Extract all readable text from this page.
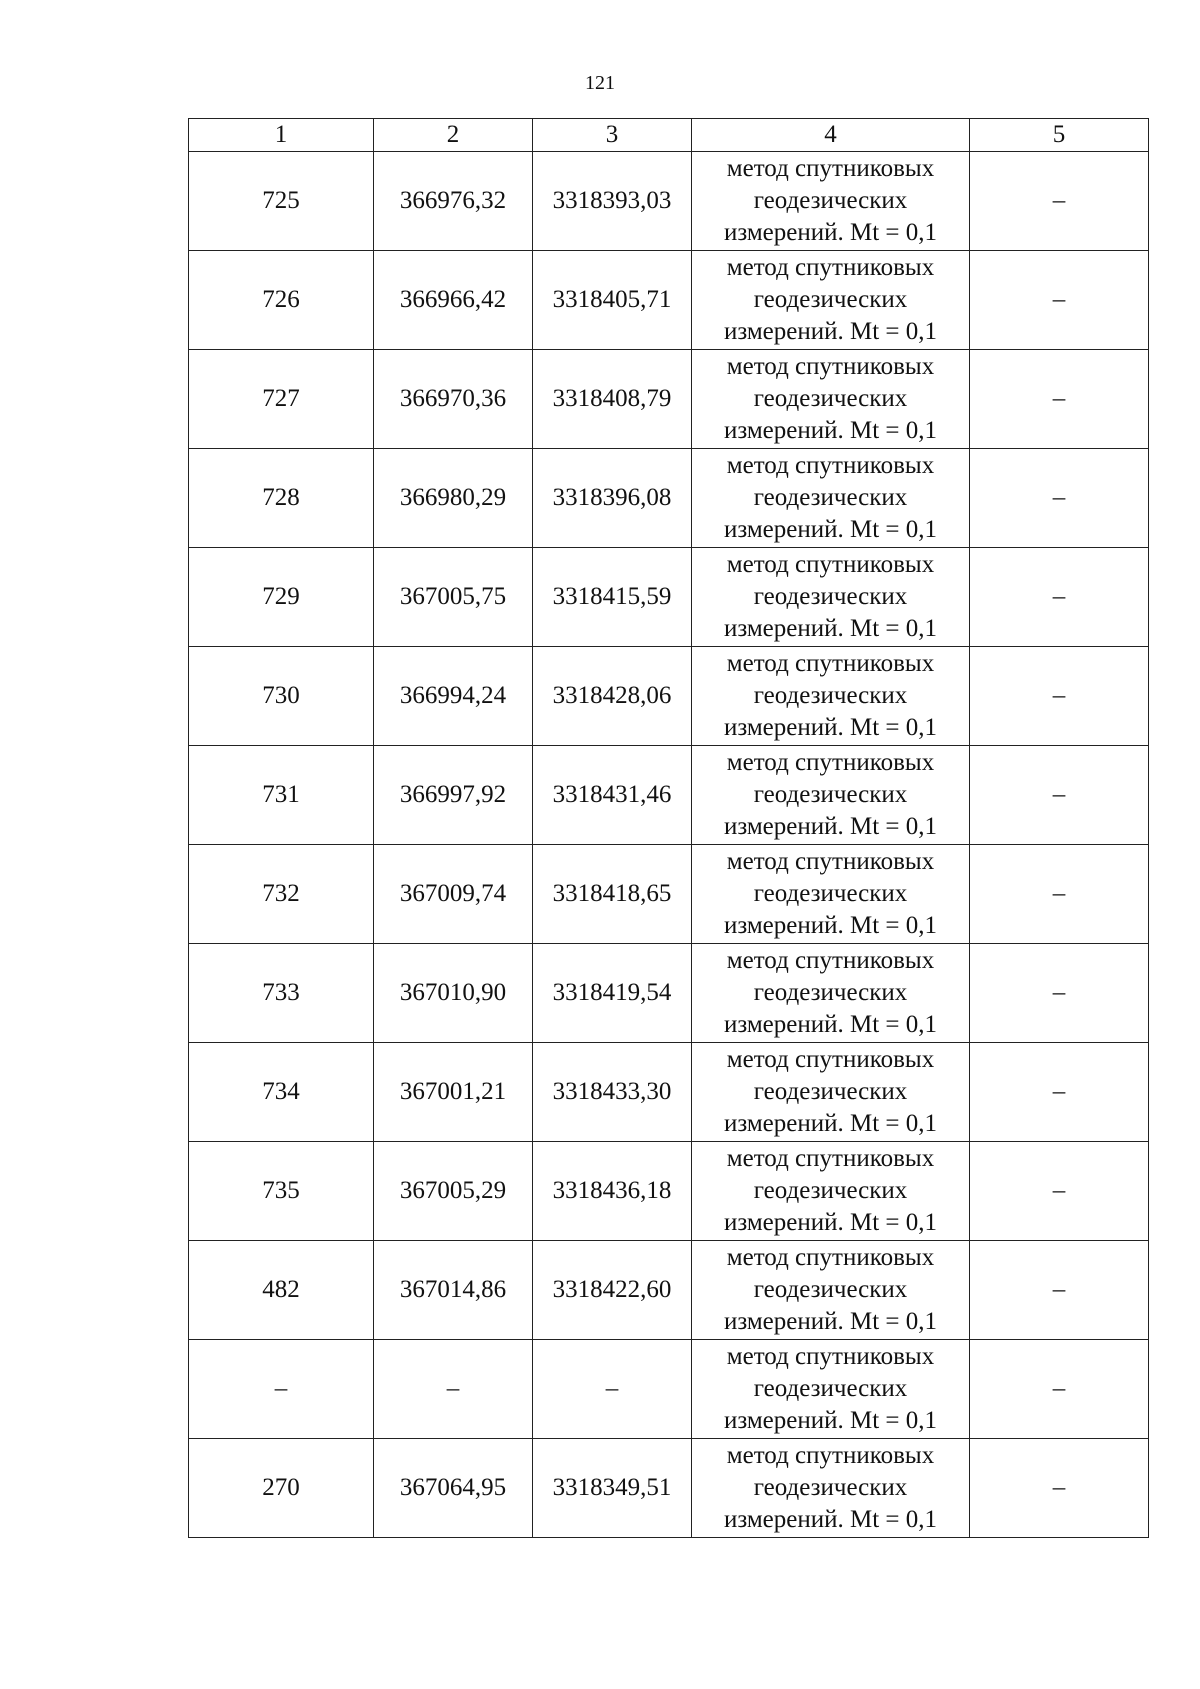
121
1	2	3	4	5
725	366976,32	3318393,03	метод спутниковых
геодезических
измерений. Mt = 0,1	–
726	366966,42	3318405,71	метод спутниковых
геодезических
измерений. Mt = 0,1	–
727	366970,36	3318408,79	метод спутниковых
геодезических
измерений. Mt = 0,1	–
728	366980,29	3318396,08	метод спутниковых
геодезических
измерений. Mt = 0,1	–
729	367005,75	3318415,59	метод спутниковых
геодезических
измерений. Mt = 0,1	–
730	366994,24	3318428,06	метод спутниковых
геодезических
измерений. Mt = 0,1	–
731	366997,92	3318431,46	метод спутниковых
геодезических
измерений. Mt = 0,1	–
732	367009,74	3318418,65	метод спутниковых
геодезических
измерений. Mt = 0,1	–
733	367010,90	3318419,54	метод спутниковых
геодезических
измерений. Mt = 0,1	–
734	367001,21	3318433,30	метод спутниковых
геодезических
измерений. Mt = 0,1	–
735	367005,29	3318436,18	метод спутниковых
геодезических
измерений. Mt = 0,1	–
482	367014,86	3318422,60	метод спутниковых
геодезических
измерений. Mt = 0,1	–
–	–	–	метод спутниковых
геодезических
измерений. Mt = 0,1	–
270	367064,95	3318349,51	метод спутниковых
геодезических
измерений. Mt = 0,1	–
